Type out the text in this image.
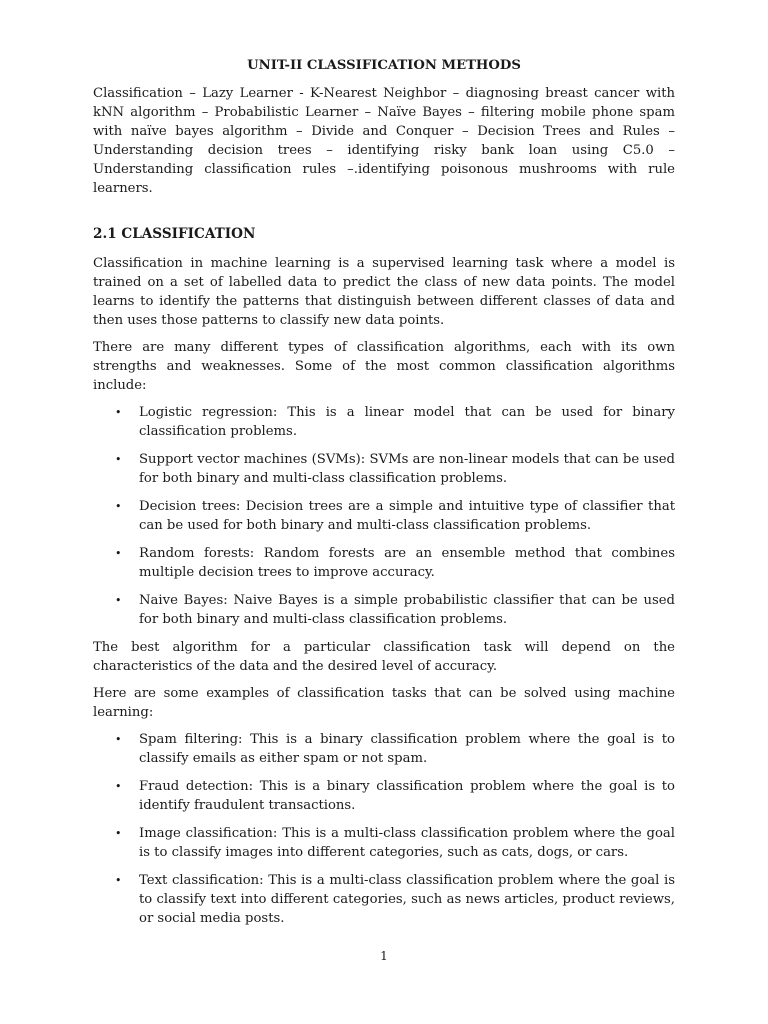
UNIT-II CLASSIFICATION METHODS

Classification – Lazy Learner - K-Nearest Neighbor – diagnosing breast cancer with kNN algorithm – Probabilistic Learner – Naïve Bayes – filtering mobile phone spam with naïve bayes algorithm – Divide and Conquer – Decision Trees and Rules – Understanding decision trees – identifying risky bank loan using C5.0 – Understanding classification rules –.identifying poisonous mushrooms with rule learners.

2.1 CLASSIFICATION

Classification in machine learning is a supervised learning task where a model is trained on a set of labelled data to predict the class of new data points. The model learns to identify the patterns that distinguish between different classes of data and then uses those patterns to classify new data points.

There are many different types of classification algorithms, each with its own strengths and weaknesses. Some of the most common classification algorithms include:

• Logistic regression: This is a linear model that can be used for binary classification problems.
• Support vector machines (SVMs): SVMs are non-linear models that can be used for both binary and multi-class classification problems.
• Decision trees: Decision trees are a simple and intuitive type of classifier that can be used for both binary and multi-class classification problems.
• Random forests: Random forests are an ensemble method that combines multiple decision trees to improve accuracy.
• Naive Bayes: Naive Bayes is a simple probabilistic classifier that can be used for both binary and multi-class classification problems.

The best algorithm for a particular classification task will depend on the characteristics of the data and the desired level of accuracy.

Here are some examples of classification tasks that can be solved using machine learning:

• Spam filtering: This is a binary classification problem where the goal is to classify emails as either spam or not spam.
• Fraud detection: This is a binary classification problem where the goal is to identify fraudulent transactions.
• Image classification: This is a multi-class classification problem where the goal is to classify images into different categories, such as cats, dogs, or cars.
• Text classification: This is a multi-class classification problem where the goal is to classify text into different categories, such as news articles, product reviews, or social media posts.
1
